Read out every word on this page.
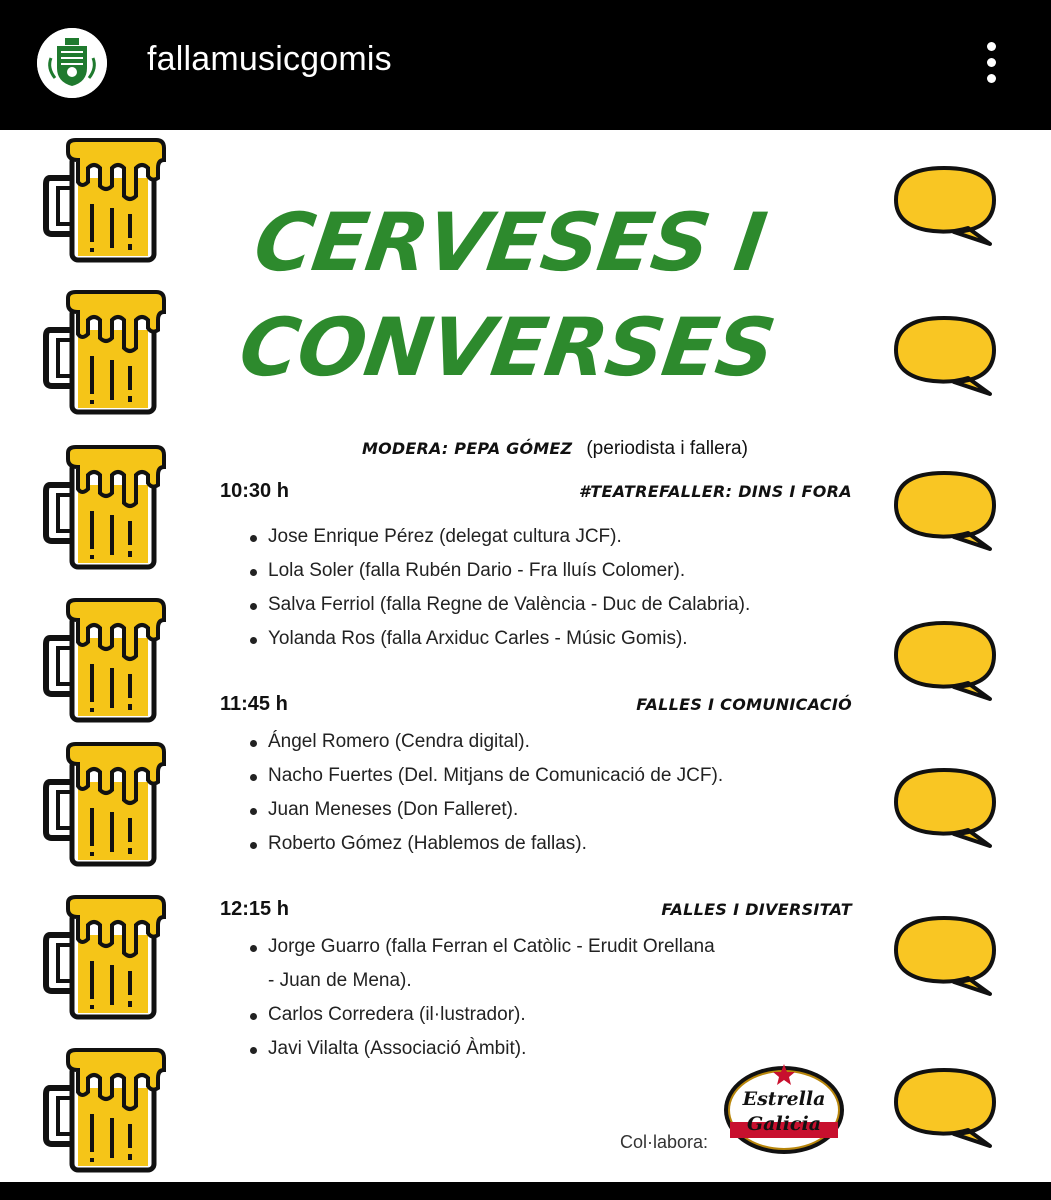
fallamusicgomis
CERVESES I
CONVERSES
MODERA: PEPA GÓMEZ (periodista i fallera)
10:30 h	#TEATREFALLER: DINS I FORA
Jose Enrique Pérez (delegat cultura JCF).
Lola Soler (falla Rubén Dario - Fra lluís Colomer).
Salva Ferriol (falla Regne de València - Duc de Calabria).
Yolanda Ros (falla Arxiduc Carles - Músic Gomis).
11:45 h	FALLES I COMUNICACIÓ
Ángel Romero (Cendra digital).
Nacho Fuertes (Del. Mitjans de Comunicació de JCF).
Juan Meneses (Don Falleret).
Roberto Gómez (Hablemos de fallas).
12:15 h	FALLES I DIVERSITAT
Jorge Guarro (falla Ferran el Catòlic - Erudit Orellana
- Juan de Mena).
Carlos Corredera (il·lustrador).
Javi Vilalta (Associació Àmbit).
Col·labora:
Estrella
Galicia
